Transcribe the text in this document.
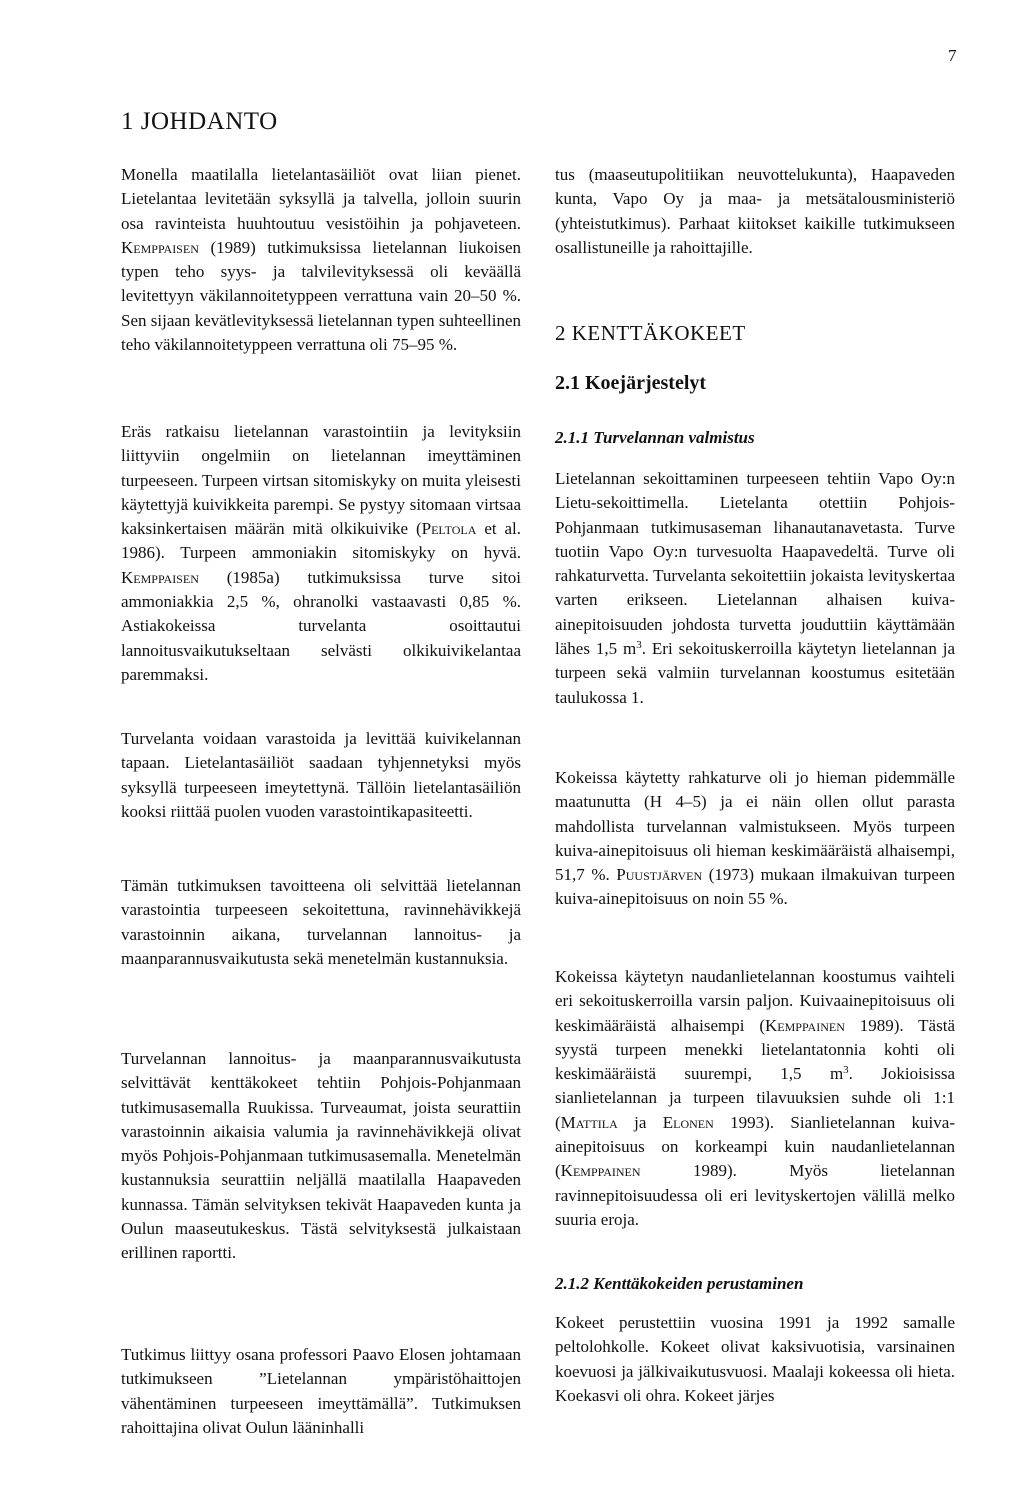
7
1 JOHDANTO

Monella maatilalla lietelantasäiliöt ovat liian pienet. Lietelantaa levitetään syksyllä ja talvella, jolloin suurin osa ravinteista huuhtoutuu vesistöihin ja pohjaveteen. Kemppaisen (1989) tutkimuksissa lietelannan liukoisen typen teho syys- ja talvilevityksessä oli keväällä levitettyyn väkilannoitetyppeen verrattuna vain 20–50 %. Sen sijaan kevätlevityksessä lietelannan typen suhteellinen teho väkilannoitetyppeen verrattuna oli 75–95 %.

Eräs ratkaisu lietelannan varastointiin ja levityksiin liittyviin ongelmiin on lietelannan imeyttäminen turpeeseen. Turpeen virtsan sitomiskyky on muita yleisesti käytettyjä kuivikkeita parempi. Se pystyy sitomaan virtsaa kaksinkertaisen määrän mitä olkikuivike (Peltola et al. 1986). Turpeen ammoniakin sitomiskyky on hyvä. Kemppaisen (1985a) tutkimuksissa turve sitoi ammoniakkia 2,5 %, ohranolki vastaavasti 0,85 %. Astiakokeissa turvelanta osoittautui lannoitusvaikutukseltaan selvästi olkikuivikelantaa paremmaksi.

Turvelanta voidaan varastoida ja levittää kuivikelannan tapaan. Lietelantasäiliöt saadaan tyhjennetyksi myös syksyllä turpeeseen imeytettynä. Tällöin lietelantasäiliön kooksi riittää puolen vuoden varastointikapasiteetti.

Tämän tutkimuksen tavoitteena oli selvittää lietelannan varastointia turpeeseen sekoitettuna, ravinnehävikkejä varastoinnin aikana, turvelannan lannoitus- ja maanparannusvaikutusta sekä menetelmän kustannuksia.

Turvelannan lannoitus- ja maanparannusvaikutusta selvittävät kenttäkokeet tehtiin Pohjois-Pohjanmaan tutkimusasemalla Ruukissa. Turveaumat, joista seurattiin varastoinnin aikaisia valumia ja ravinnehävikkejä olivat myös Pohjois-Pohjanmaan tutkimusasemalla. Menetelmän kustannuksia seurattiin neljällä maatilalla Haapaveden kunnassa. Tämän selvityksen tekivät Haapaveden kunta ja Oulun maaseutukeskus. Tästä selvityksestä julkaistaan erillinen raportti.

Tutkimus liittyy osana professori Paavo Elosen johtamaan tutkimukseen ”Lietelannan ympäristöhaittojen vähentäminen turpeeseen imeyttämällä”. Tutkimuksen rahoittajina olivat Oulun lääninhalli

tus (maaseutupolitiikan neuvottelukunta), Haapaveden kunta, Vapo Oy ja maa- ja metsätalousministeriö (yhteistutkimus). Parhaat kiitokset kaikille tutkimukseen osallistuneille ja rahoittajille.

2 KENTTÄKOKEET
2.1 Koejärjestelyt
2.1.1 Turvelannan valmistus

Lietelannan sekoittaminen turpeeseen tehtiin Vapo Oy:n Lietu-sekoittimella. Lietelanta otettiin Pohjois-Pohjanmaan tutkimusaseman lihanautanavetasta. Turve tuotiin Vapo Oy:n turvesuolta Haapavedeltä. Turve oli rahkaturvetta. Turvelanta sekoitettiin jokaista levityskertaa varten erikseen. Lietelannan alhaisen kuiva-ainepitoisuuden johdosta turvetta jouduttiin käyttämään lähes 1,5 $m^3$. Eri sekoituskerroilla käytetyn lietelannan ja turpeen sekä valmiin turvelannan koostumus esitetään taulukossa 1.

Kokeissa käytetty rahkaturve oli jo hieman pidemmälle maatunutta (H 4–5) ja ei näin ollen ollut parasta mahdollista turvelannan valmistukseen. Myös turpeen kuiva-ainepitoisuus oli hieman keskimääräistä alhaisempi, 51,7 %. Puustjärven (1973) mukaan ilmakuivan turpeen kuiva-ainepitoisuus on noin 55 %.

Kokeissa käytetyn naudanlietelannan koostumus vaihteli eri sekoituskerroilla varsin paljon. Kuivaainepitoisuus oli keskimääräistä alhaisempi (Kemppainen 1989). Tästä syystä turpeen menekki lietelantatonnia kohti oli keskimääräistä suurempi, 1,5 $m^3$. Jokioisissa sianlietelannan ja turpeen tilavuuksien suhde oli 1:1 (Mattila ja Elonen 1993). Sianlietelannan kuiva-ainepitoisuus on korkeampi kuin naudanlietelannan (Kemppainen 1989). Myös lietelannan ravinnepitoisuudessa oli eri levityskertojen välillä melko suuria eroja.

2.1.2 Kenttäkokeiden perustaminen

Kokeet perustettiin vuosina 1991 ja 1992 samalle peltolohkolle. Kokeet olivat kaksivuotisia, varsinainen koevuosi ja jälkivaikutusvuosi. Maalaji kokeessa oli hieta. Koekasvi oli ohra. Kokeet järjes
